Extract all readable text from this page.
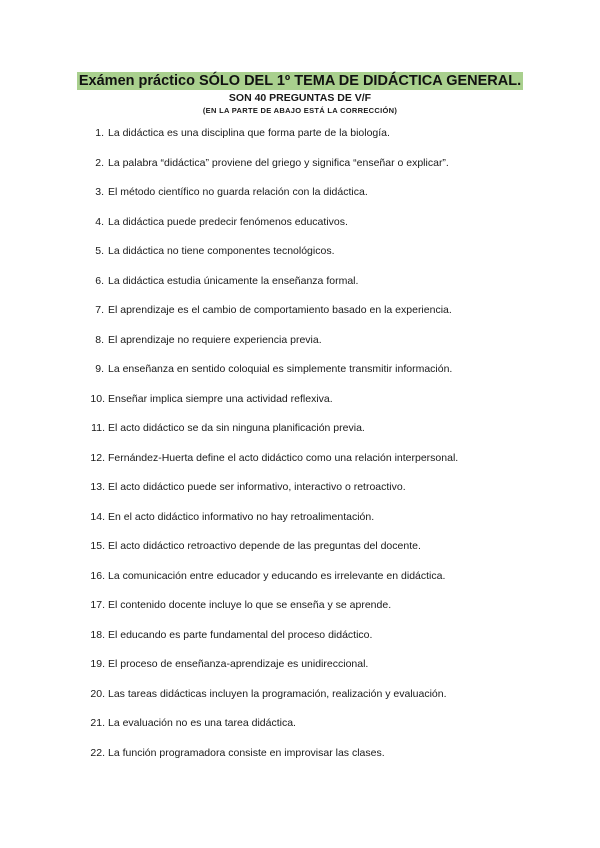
Exámen práctico SÓLO DEL 1º TEMA DE DIDÁCTICA GENERAL.
SON 40 PREGUNTAS DE V/F
(EN LA PARTE DE ABAJO ESTÁ LA CORRECCIÓN)
1. La didáctica es una disciplina que forma parte de la biología.
2. La palabra “didáctica” proviene del griego y significa “enseñar o explicar”.
3. El método científico no guarda relación con la didáctica.
4. La didáctica puede predecir fenómenos educativos.
5. La didáctica no tiene componentes tecnológicos.
6. La didáctica estudia únicamente la enseñanza formal.
7. El aprendizaje es el cambio de comportamiento basado en la experiencia.
8. El aprendizaje no requiere experiencia previa.
9. La enseñanza en sentido coloquial es simplemente transmitir información.
10. Enseñar implica siempre una actividad reflexiva.
11. El acto didáctico se da sin ninguna planificación previa.
12. Fernández-Huerta define el acto didáctico como una relación interpersonal.
13. El acto didáctico puede ser informativo, interactivo o retroactivo.
14. En el acto didáctico informativo no hay retroalimentación.
15. El acto didáctico retroactivo depende de las preguntas del docente.
16. La comunicación entre educador y educando es irrelevante en didáctica.
17. El contenido docente incluye lo que se enseña y se aprende.
18. El educando es parte fundamental del proceso didáctico.
19. El proceso de enseñanza-aprendizaje es unidireccional.
20. Las tareas didácticas incluyen la programación, realización y evaluación.
21. La evaluación no es una tarea didáctica.
22. La función programadora consiste en improvisar las clases.
